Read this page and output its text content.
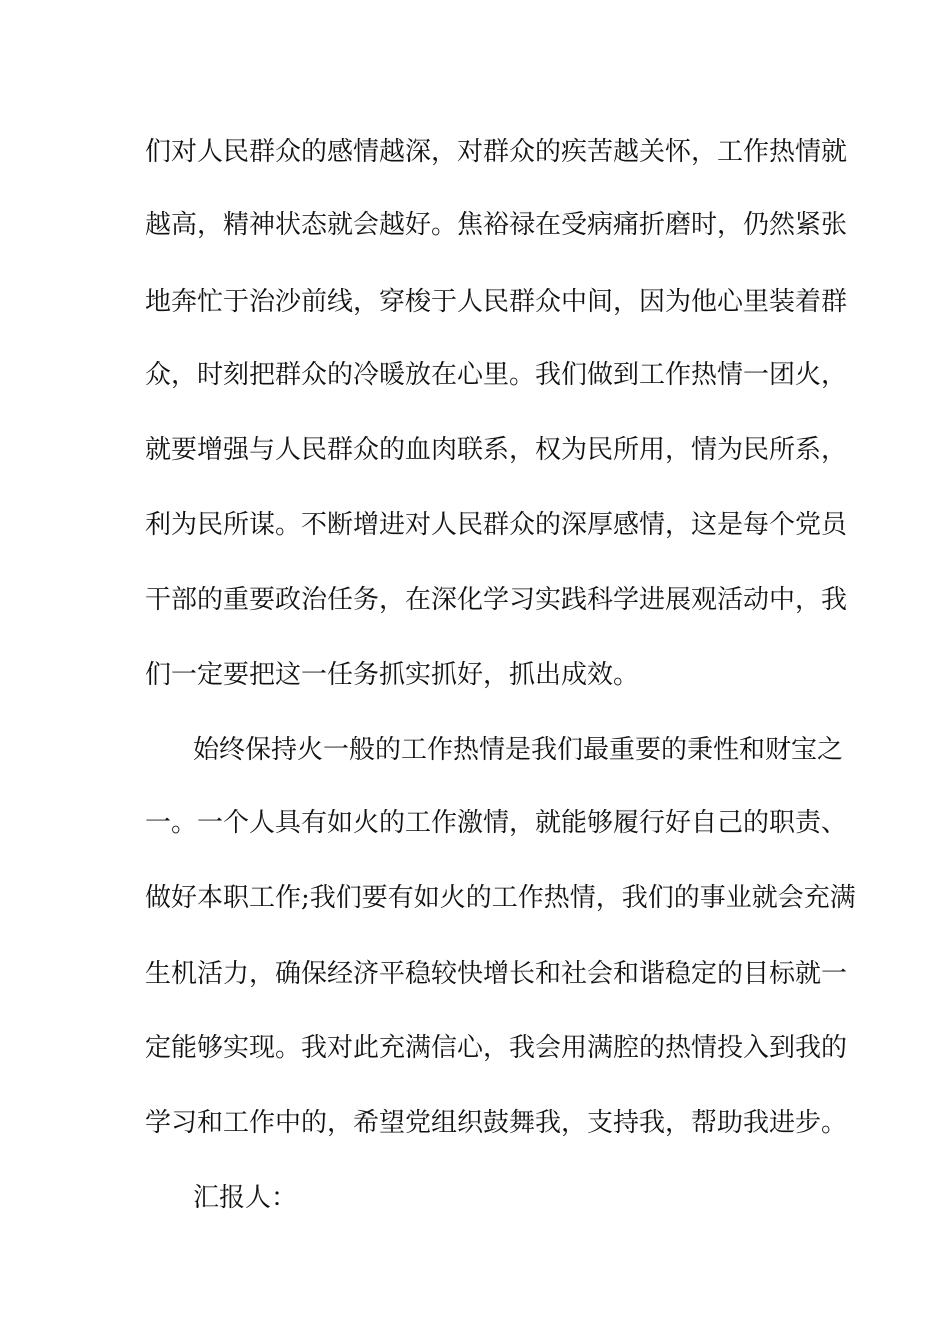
们对人民群众的感情越深，对群众的疾苦越关怀，工作热情就
越高，精神状态就会越好。焦裕禄在受病痛折磨时，仍然紧张
地奔忙于治沙前线，穿梭于人民群众中间，因为他心里装着群
众，时刻把群众的冷暖放在心里。我们做到工作热情一团火，
就要增强与人民群众的血肉联系，权为民所用，情为民所系，
利为民所谋。不断增进对人民群众的深厚感情，这是每个党员
干部的重要政治任务，在深化学习实践科学进展观活动中，我
们一定要把这一任务抓实抓好，抓出成效。
始终保持火一般的工作热情是我们最重要的秉性和财宝之
一。一个人具有如火的工作激情，就能够履行好自己的职责、
做好本职工作;我们要有如火的工作热情，我们的事业就会充满
生机活力，确保经济平稳较快增长和社会和谐稳定的目标就一
定能够实现。我对此充满信心，我会用满腔的热情投入到我的
学习和工作中的，希望党组织鼓舞我，支持我，帮助我进步。
汇报人：
